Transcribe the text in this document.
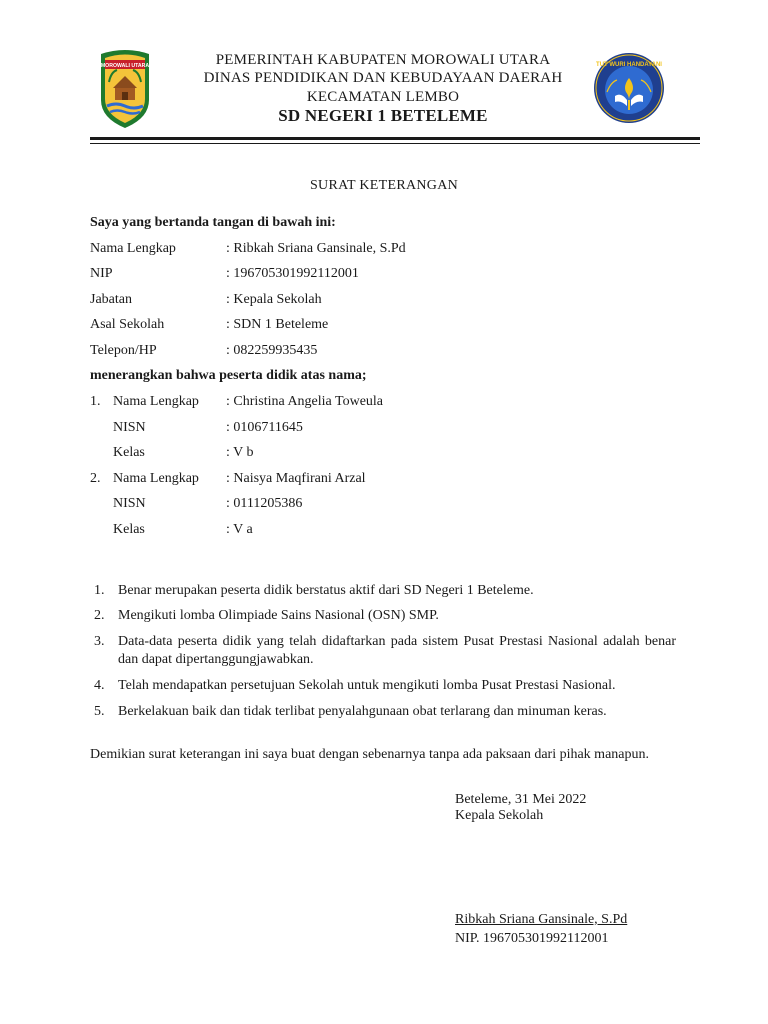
MOROWALI UTARA	PEMERINTAH KABUPATEN MOROWALI UTARA
DINAS PENDIDIKAN DAN KEBUDAYAAN DAERAH
KECAMATAN LEMBO
SD NEGERI 1 BETELEME
TUT WURI HANDAYANI
SURAT KETERANGAN
Saya yang bertanda tangan di bawah ini:
Nama Lengkap	: Ribkah Sriana Gansinale, S.Pd
NIP	: 196705301992112001
Jabatan	: Kepala Sekolah
Asal Sekolah	: SDN 1 Beteleme
Telepon/HP	: 082259935435
menerangkan bahwa peserta didik atas nama;
1. Nama Lengkap : Christina Angelia Toweula
NISN	: 0106711645
Kelas	: V b
2. Nama Lengkap : Naisya Maqfirani Arzal
NISN	: 0111205386
Kelas	: V a
1. Benar merupakan peserta didik berstatus aktif dari SD Negeri 1 Beteleme.
2. Mengikuti lomba Olimpiade Sains Nasional (OSN) SMP.
3. Data-data peserta didik yang telah didaftarkan pada sistem Pusat Prestasi Nasional adalah benar dan dapat dipertanggungjawabkan.
4. Telah mendapatkan persetujuan Sekolah untuk mengikuti lomba Pusat Prestasi Nasional.
5. Berkelakuan baik dan tidak terlibat penyalahgunaan obat terlarang dan minuman keras.
Demikian surat keterangan ini saya buat dengan sebenarnya tanpa ada paksaan dari pihak manapun.
Beteleme, 31 Mei 2022
Kepala Sekolah
Ribkah Sriana Gansinale, S.Pd
NIP. 196705301992112001
